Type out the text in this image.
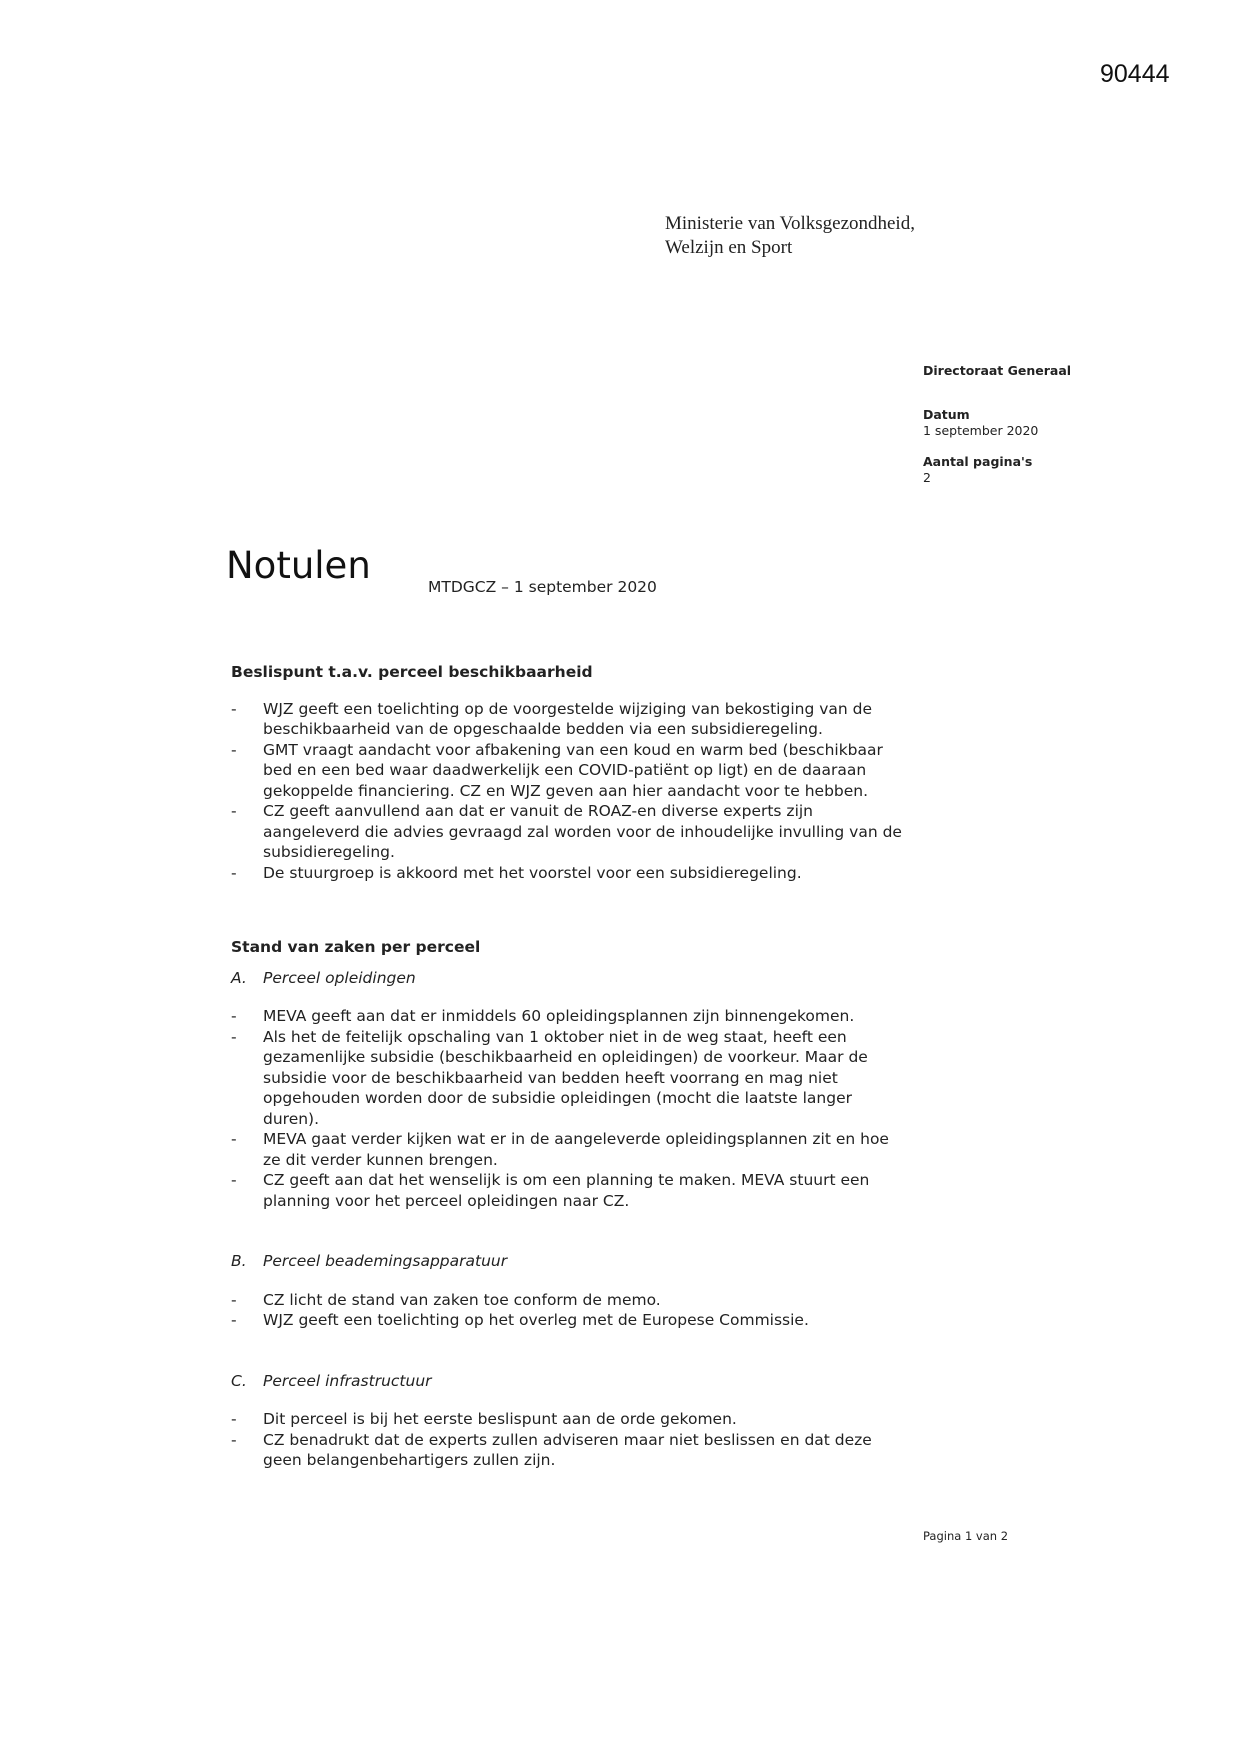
90444
Ministerie van Volksgezondheid,
Welzijn en Sport
Directoraat Generaal
Datum
1 september 2020
Aantal pagina's
2
Notulen	MTDGCZ – 1 september 2020
Beslispunt t.a.v. perceel beschikbaarheid
- WJZ geeft een toelichting op de voorgestelde wijziging van bekostiging van de beschikbaarheid van de opgeschaalde bedden via een subsidieregeling.
- GMT vraagt aandacht voor afbakening van een koud en warm bed (beschikbaar bed en een bed waar daadwerkelijk een COVID-patiënt op ligt) en de daaraan gekoppelde financiering. CZ en WJZ geven aan hier aandacht voor te hebben.
- CZ geeft aanvullend aan dat er vanuit de ROAZ-en diverse experts zijn aangeleverd die advies gevraagd zal worden voor de inhoudelijke invulling van de subsidieregeling.
- De stuurgroep is akkoord met het voorstel voor een subsidieregeling.
Stand van zaken per perceel
A. Perceel opleidingen
- MEVA geeft aan dat er inmiddels 60 opleidingsplannen zijn binnengekomen.
- Als het de feitelijk opschaling van 1 oktober niet in de weg staat, heeft een gezamenlijke subsidie (beschikbaarheid en opleidingen) de voorkeur. Maar de subsidie voor de beschikbaarheid van bedden heeft voorrang en mag niet opgehouden worden door de subsidie opleidingen (mocht die laatste langer duren).
- MEVA gaat verder kijken wat er in de aangeleverde opleidingsplannen zit en hoe ze dit verder kunnen brengen.
- CZ geeft aan dat het wenselijk is om een planning te maken. MEVA stuurt een planning voor het perceel opleidingen naar CZ.
B. Perceel beademingsapparatuur
- CZ licht de stand van zaken toe conform de memo.
- WJZ geeft een toelichting op het overleg met de Europese Commissie.
C. Perceel infrastructuur
- Dit perceel is bij het eerste beslispunt aan de orde gekomen.
- CZ benadrukt dat de experts zullen adviseren maar niet beslissen en dat deze geen belangenbehartigers zullen zijn.
Pagina 1 van 2
